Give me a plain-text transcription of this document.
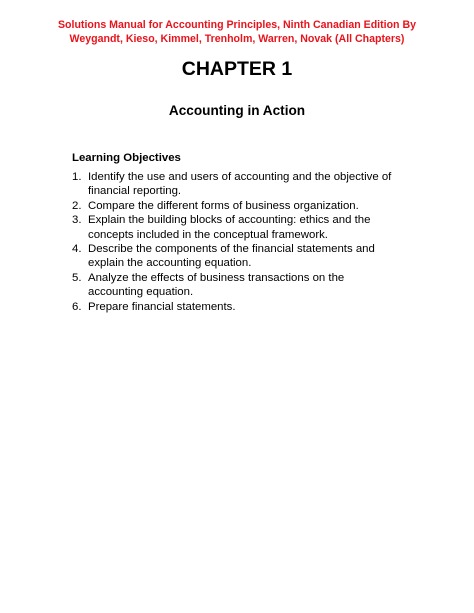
Solutions Manual for Accounting Principles, Ninth Canadian Edition By
Weygandt, Kieso, Kimmel, Trenholm, Warren, Novak (All Chapters)
CHAPTER 1
Accounting in Action
Learning Objectives
1. Identify the use and users of accounting and the objective of financial reporting.
2. Compare the different forms of business organization.
3. Explain the building blocks of accounting: ethics and the concepts included in the conceptual framework.
4. Describe the components of the financial statements and explain the accounting equation.
5. Analyze the effects of business transactions on the accounting equation.
6. Prepare financial statements.
